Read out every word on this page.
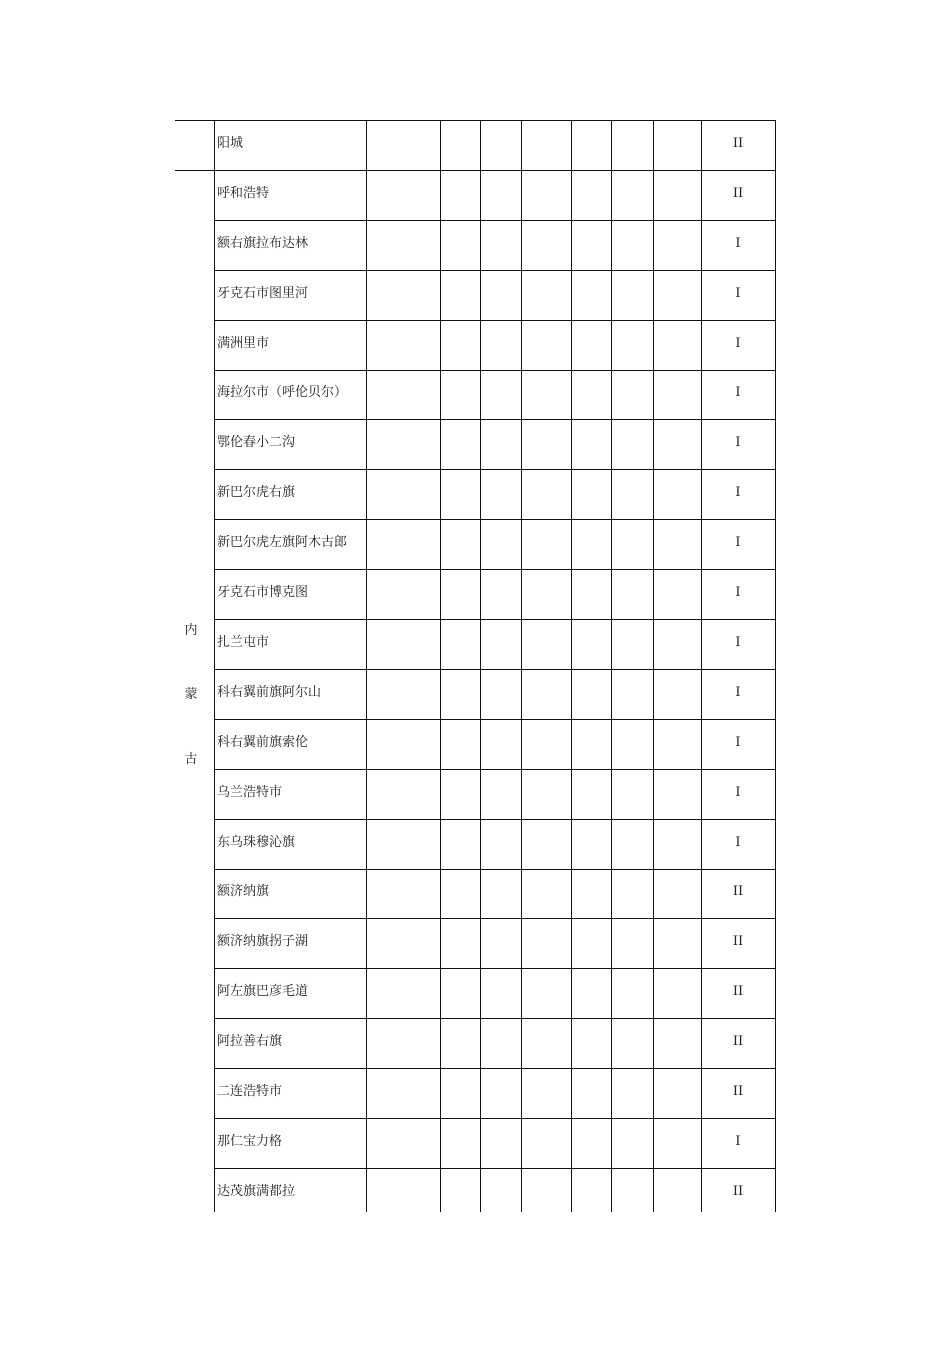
内
蒙
古
阳城	II
呼和浩特	II
额右旗拉布达林	I
牙克石市图里河	I
满洲里市	I
海拉尔市（呼伦贝尔）	I
鄂伦春小二沟	I
新巴尔虎右旗	I
新巴尔虎左旗阿木古郎	I
牙克石市博克图	I
扎兰屯市	I
科右翼前旗阿尔山	I
科右翼前旗索伦	I
乌兰浩特市	I
东乌珠穆沁旗	I
额济纳旗	II
额济纳旗拐子湖	II
阿左旗巴彦毛道	II
阿拉善右旗	II
二连浩特市	II
那仁宝力格	I
达茂旗满都拉	II
